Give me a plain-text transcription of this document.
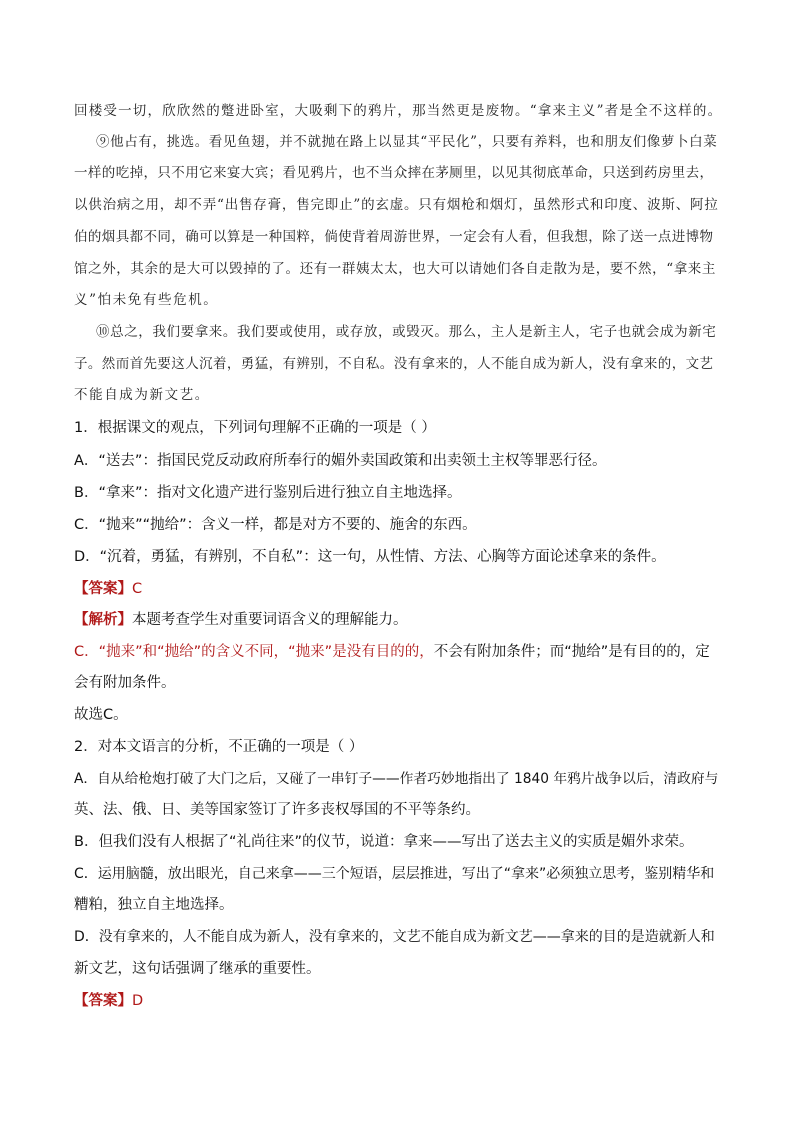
回楼受一切，欣欣然的蹩进卧室，大吸剩下的鸦片，那当然更是废物。“拿来主义”者是全不这样的。
⑨他占有，挑选。看见鱼翅，并不就抛在路上以显其“平民化”，只要有养料，也和朋友们像萝卜白菜
一样的吃掉，只不用它来宴大宾；看见鸦片，也不当众摔在茅厕里，以见其彻底革命，只送到药房里去，
以供治病之用，却不弄“出售存膏，售完即止”的玄虚。只有烟枪和烟灯，虽然形式和印度、波斯、阿拉
伯的烟具都不同，确可以算是一种国粹，倘使背着周游世界，一定会有人看，但我想，除了送一点进博物
馆之外，其余的是大可以毁掉的了。还有一群姨太太，也大可以请她们各自走散为是，要不然，“拿来主
义”怕未免有些危机。
⑩总之，我们要拿来。我们要或使用，或存放，或毁灭。那么，主人是新主人，宅子也就会成为新宅
子。然而首先要这人沉着，勇猛，有辨别，不自私。没有拿来的，人不能自成为新人，没有拿来的，文艺
不能自成为新文艺。
1．根据课文的观点，下列词句理解不正确的一项是（ ）
A．“送去”：指国民党反动政府所奉行的媚外卖国政策和出卖领土主权等罪恶行径。
B．“拿来”：指对文化遗产进行鉴别后进行独立自主地选择。
C．“抛来”“抛给”：含义一样，都是对方不要的、施舍的东西。
D．“沉着，勇猛，有辨别，不自私”：这一句，从性情、方法、心胸等方面论述拿来的条件。
【答案】C
【解析】本题考查学生对重要词语含义的理解能力。
C．“抛来”和“抛给”的含义不同，“抛来”是没有目的的，不会有附加条件；而“抛给”是有目的的，定
会有附加条件。
故选C。
2．对本文语言的分析，不正确的一项是（ ）
A．自从给枪炮打破了大门之后，又碰了一串钉子——作者巧妙地指出了 1840 年鸦片战争以后，清政府与
英、法、俄、日、美等国家签订了许多丧权辱国的不平等条约。
B．但我们没有人根据了“礼尚往来”的仪节，说道：拿来——写出了送去主义的实质是媚外求荣。
C．运用脑髓，放出眼光，自己来拿——三个短语，层层推进，写出了“拿来”必须独立思考，鉴别精华和
糟粕，独立自主地选择。
D．没有拿来的，人不能自成为新人，没有拿来的，文艺不能自成为新文艺——拿来的目的是造就新人和
新文艺，这句话强调了继承的重要性。
【答案】D
